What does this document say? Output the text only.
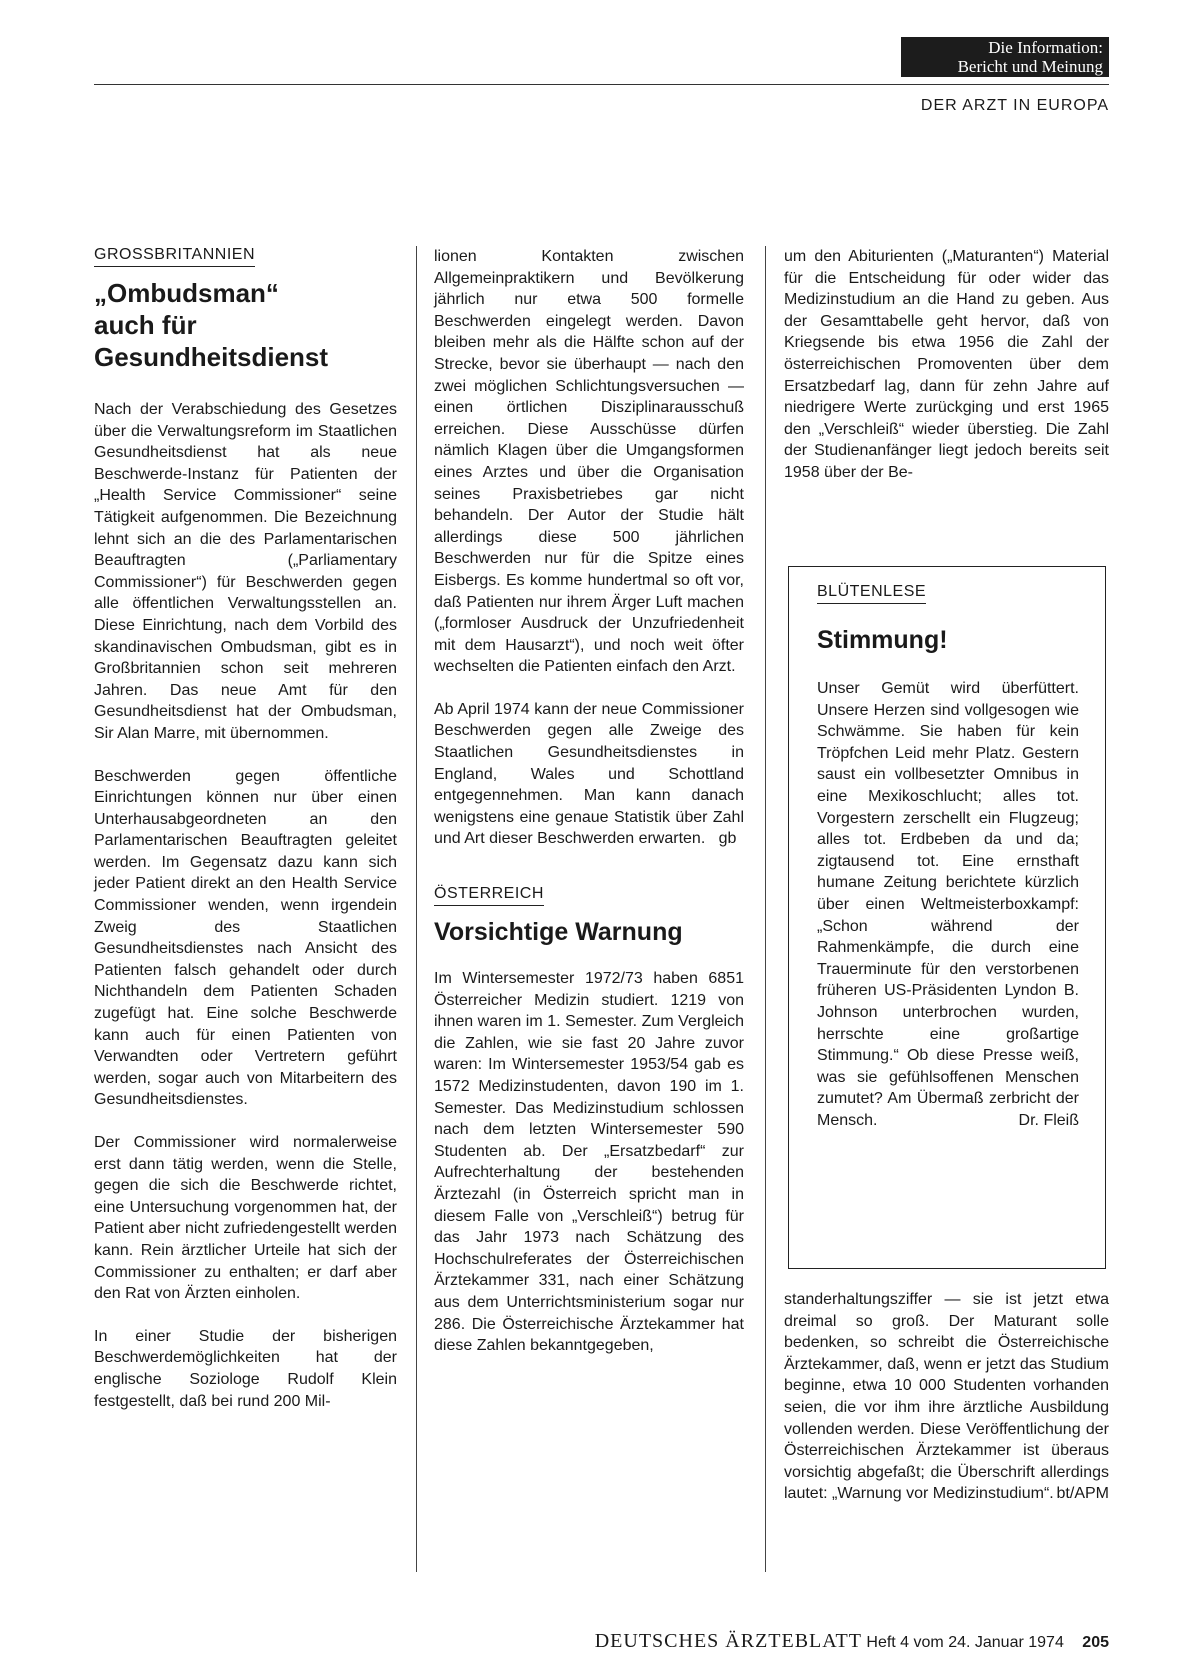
Die Information:
Bericht und Meinung
DER ARZT IN EUROPA
GROSSBRITANNIEN
„Ombudsman“
auch für
Gesundheitsdienst

Nach der Verabschiedung des Gesetzes über die Verwaltungsreform im Staatlichen Gesundheitsdienst hat als neue Beschwerde-Instanz für Patienten der „Health Service Commissioner“ seine Tätigkeit aufgenommen. Die Bezeichnung lehnt sich an die des Parlamentarischen Beauftragten („Parliamentary Commissioner“) für Beschwerden gegen alle öffentlichen Verwaltungsstellen an. Diese Einrichtung, nach dem Vorbild des skandinavischen Ombudsman, gibt es in Großbritannien schon seit mehreren Jahren. Das neue Amt für den Gesundheitsdienst hat der Ombudsman, Sir Alan Marre, mit übernommen.

Beschwerden gegen öffentliche Einrichtungen können nur über einen Unterhausabgeordneten an den Parlamentarischen Beauftragten geleitet werden. Im Gegensatz dazu kann sich jeder Patient direkt an den Health Service Commissioner wenden, wenn irgendein Zweig des Staatlichen Gesundheitsdienstes nach Ansicht des Patienten falsch gehandelt oder durch Nichthandeln dem Patienten Schaden zugefügt hat. Eine solche Beschwerde kann auch für einen Patienten von Verwandten oder Vertretern geführt werden, sogar auch von Mitarbeitern des Gesundheitsdienstes.

Der Commissioner wird normalerweise erst dann tätig werden, wenn die Stelle, gegen die sich die Beschwerde richtet, eine Untersuchung vorgenommen hat, der Patient aber nicht zufriedengestellt werden kann. Rein ärztlicher Urteile hat sich der Commissioner zu enthalten; er darf aber den Rat von Ärzten einholen.

In einer Studie der bisherigen Beschwerdemöglichkeiten hat der englische Soziologe Rudolf Klein festgestellt, daß bei rund 200 Mil-

lionen Kontakten zwischen Allgemeinpraktikern und Bevölkerung jährlich nur etwa 500 formelle Beschwerden eingelegt werden. Davon bleiben mehr als die Hälfte schon auf der Strecke, bevor sie überhaupt — nach den zwei möglichen Schlichtungsversuchen — einen örtlichen Disziplinarausschuß erreichen. Diese Ausschüsse dürfen nämlich Klagen über die Umgangsformen eines Arztes und über die Organisation seines Praxisbetriebes gar nicht behandeln. Der Autor der Studie hält allerdings diese 500 jährlichen Beschwerden nur für die Spitze eines Eisbergs. Es komme hundertmal so oft vor, daß Patienten nur ihrem Ärger Luft machen („formloser Ausdruck der Unzufriedenheit mit dem Hausarzt“), und noch weit öfter wechselten die Patienten einfach den Arzt.

Ab April 1974 kann der neue Commissioner Beschwerden gegen alle Zweige des Staatlichen Gesundheitsdienstes in England, Wales und Schottland entgegennehmen. Man kann danach wenigstens eine genaue Statistik über Zahl und Art dieser Beschwerden erwarten. gb

ÖSTERREICH
Vorsichtige Warnung

Im Wintersemester 1972/73 haben 6851 Österreicher Medizin studiert. 1219 von ihnen waren im 1. Semester. Zum Vergleich die Zahlen, wie sie fast 20 Jahre zuvor waren: Im Wintersemester 1953/54 gab es 1572 Medizinstudenten, davon 190 im 1. Semester. Das Medizinstudium schlossen nach dem letzten Wintersemester 590 Studenten ab. Der „Ersatzbedarf“ zur Aufrechterhaltung der bestehenden Ärztezahl (in Österreich spricht man in diesem Falle von „Verschleiß“) betrug für das Jahr 1973 nach Schätzung des Hochschulreferates der Österreichischen Ärztekammer 331, nach einer Schätzung aus dem Unterrichtsministerium sogar nur 286. Die Österreichische Ärztekammer hat diese Zahlen bekanntgegeben,

um den Abiturienten („Maturanten“) Material für die Entscheidung für oder wider das Medizinstudium an die Hand zu geben. Aus der Gesamttabelle geht hervor, daß von Kriegsende bis etwa 1956 die Zahl der österreichischen Promoventen über dem Ersatzbedarf lag, dann für zehn Jahre auf niedrigere Werte zurückging und erst 1965 den „Verschleiß“ wieder überstieg. Die Zahl der Studienanfänger liegt jedoch bereits seit 1958 über der Be-

BLÜTENLESE
Stimmung!

Unser Gemüt wird überfüttert. Unsere Herzen sind vollgesogen wie Schwämme. Sie haben für kein Tröpfchen Leid mehr Platz. Gestern saust ein vollbesetzter Omnibus in eine Mexikoschlucht; alles tot. Vorgestern zerschellt ein Flugzeug; alles tot. Erdbeben da und da; zigtausend tot. Eine ernsthaft humane Zeitung berichtete kürzlich über einen Weltmeisterboxkampf: „Schon während der Rahmenkämpfe, die durch eine Trauerminute für den verstorbenen früheren US-Präsidenten Lyndon B. Johnson unterbrochen wurden, herrschte eine großartige Stimmung.“ Ob diese Presse weiß, was sie gefühlsoffenen Menschen zumutet? Am Übermaß zerbricht der Mensch.	Dr. Fleiß

standerhaltungsziffer — sie ist jetzt etwa dreimal so groß. Der Maturant solle bedenken, so schreibt die Österreichische Ärztekammer, daß, wenn er jetzt das Studium beginne, etwa 10 000 Studenten vorhanden seien, die vor ihm ihre ärztliche Ausbildung vollenden werden. Diese Veröffentlichung der Österreichischen Ärztekammer ist überaus vorsichtig abgefaßt; die Überschrift allerdings lautet: „Warnung vor Medizinstudium“. bt/APM

DEUTSCHES ÄRZTEBLATT Heft 4 vom 24. Januar 1974 205
